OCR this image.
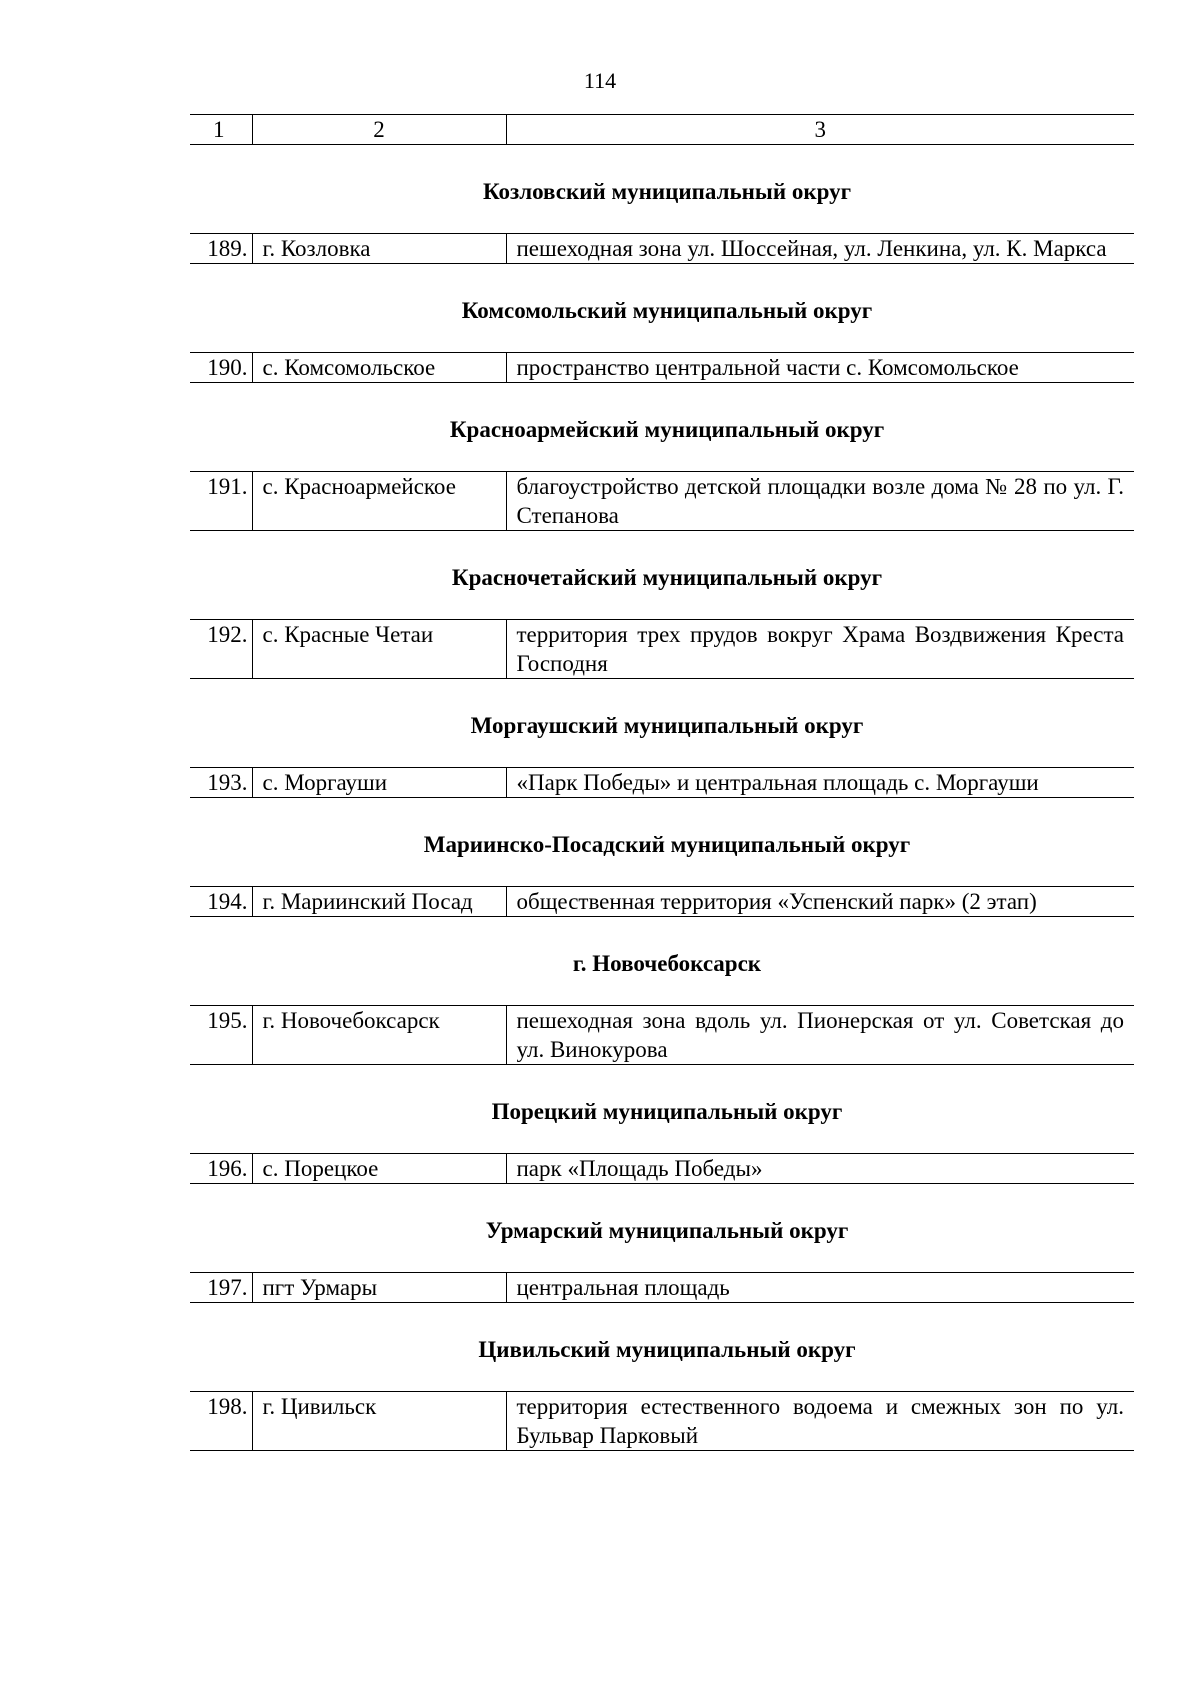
114
1	2	3
Козловский муниципальный округ
189.	г. Козловка	пешеходная зона ул. Шоссейная, ул. Ленкина, ул. К. Маркса
Комсомольский муниципальный округ
190.	с. Комсомольское	пространство центральной части с. Комсомольское
Красноармейский муниципальный округ
191.	с. Красноармейское	благоустройство детской площадки возле дома № 28 по ул. Г. Степанова
Красночетайский муниципальный округ
192.	с. Красные Четаи	территория трех прудов вокруг Храма Воздвижения Креста Господня
Моргаушский муниципальный округ
193.	с. Моргауши	«Парк Победы» и центральная площадь с. Моргауши
Мариинско-Посадский муниципальный округ
194.	г. Мариинский Посад	общественная территория «Успенский парк» (2 этап)
г. Новочебоксарск
195.	г. Новочебоксарск	пешеходная зона вдоль ул. Пионерская от ул. Советская до ул. Винокурова
Порецкий муниципальный округ
196.	с. Порецкое	парк «Площадь Победы»
Урмарский муниципальный округ
197.	пгт Урмары	центральная площадь
Цивильский муниципальный округ
198.	г. Цивильск	территория естественного водоема и смежных зон по ул. Бульвар Парковый
